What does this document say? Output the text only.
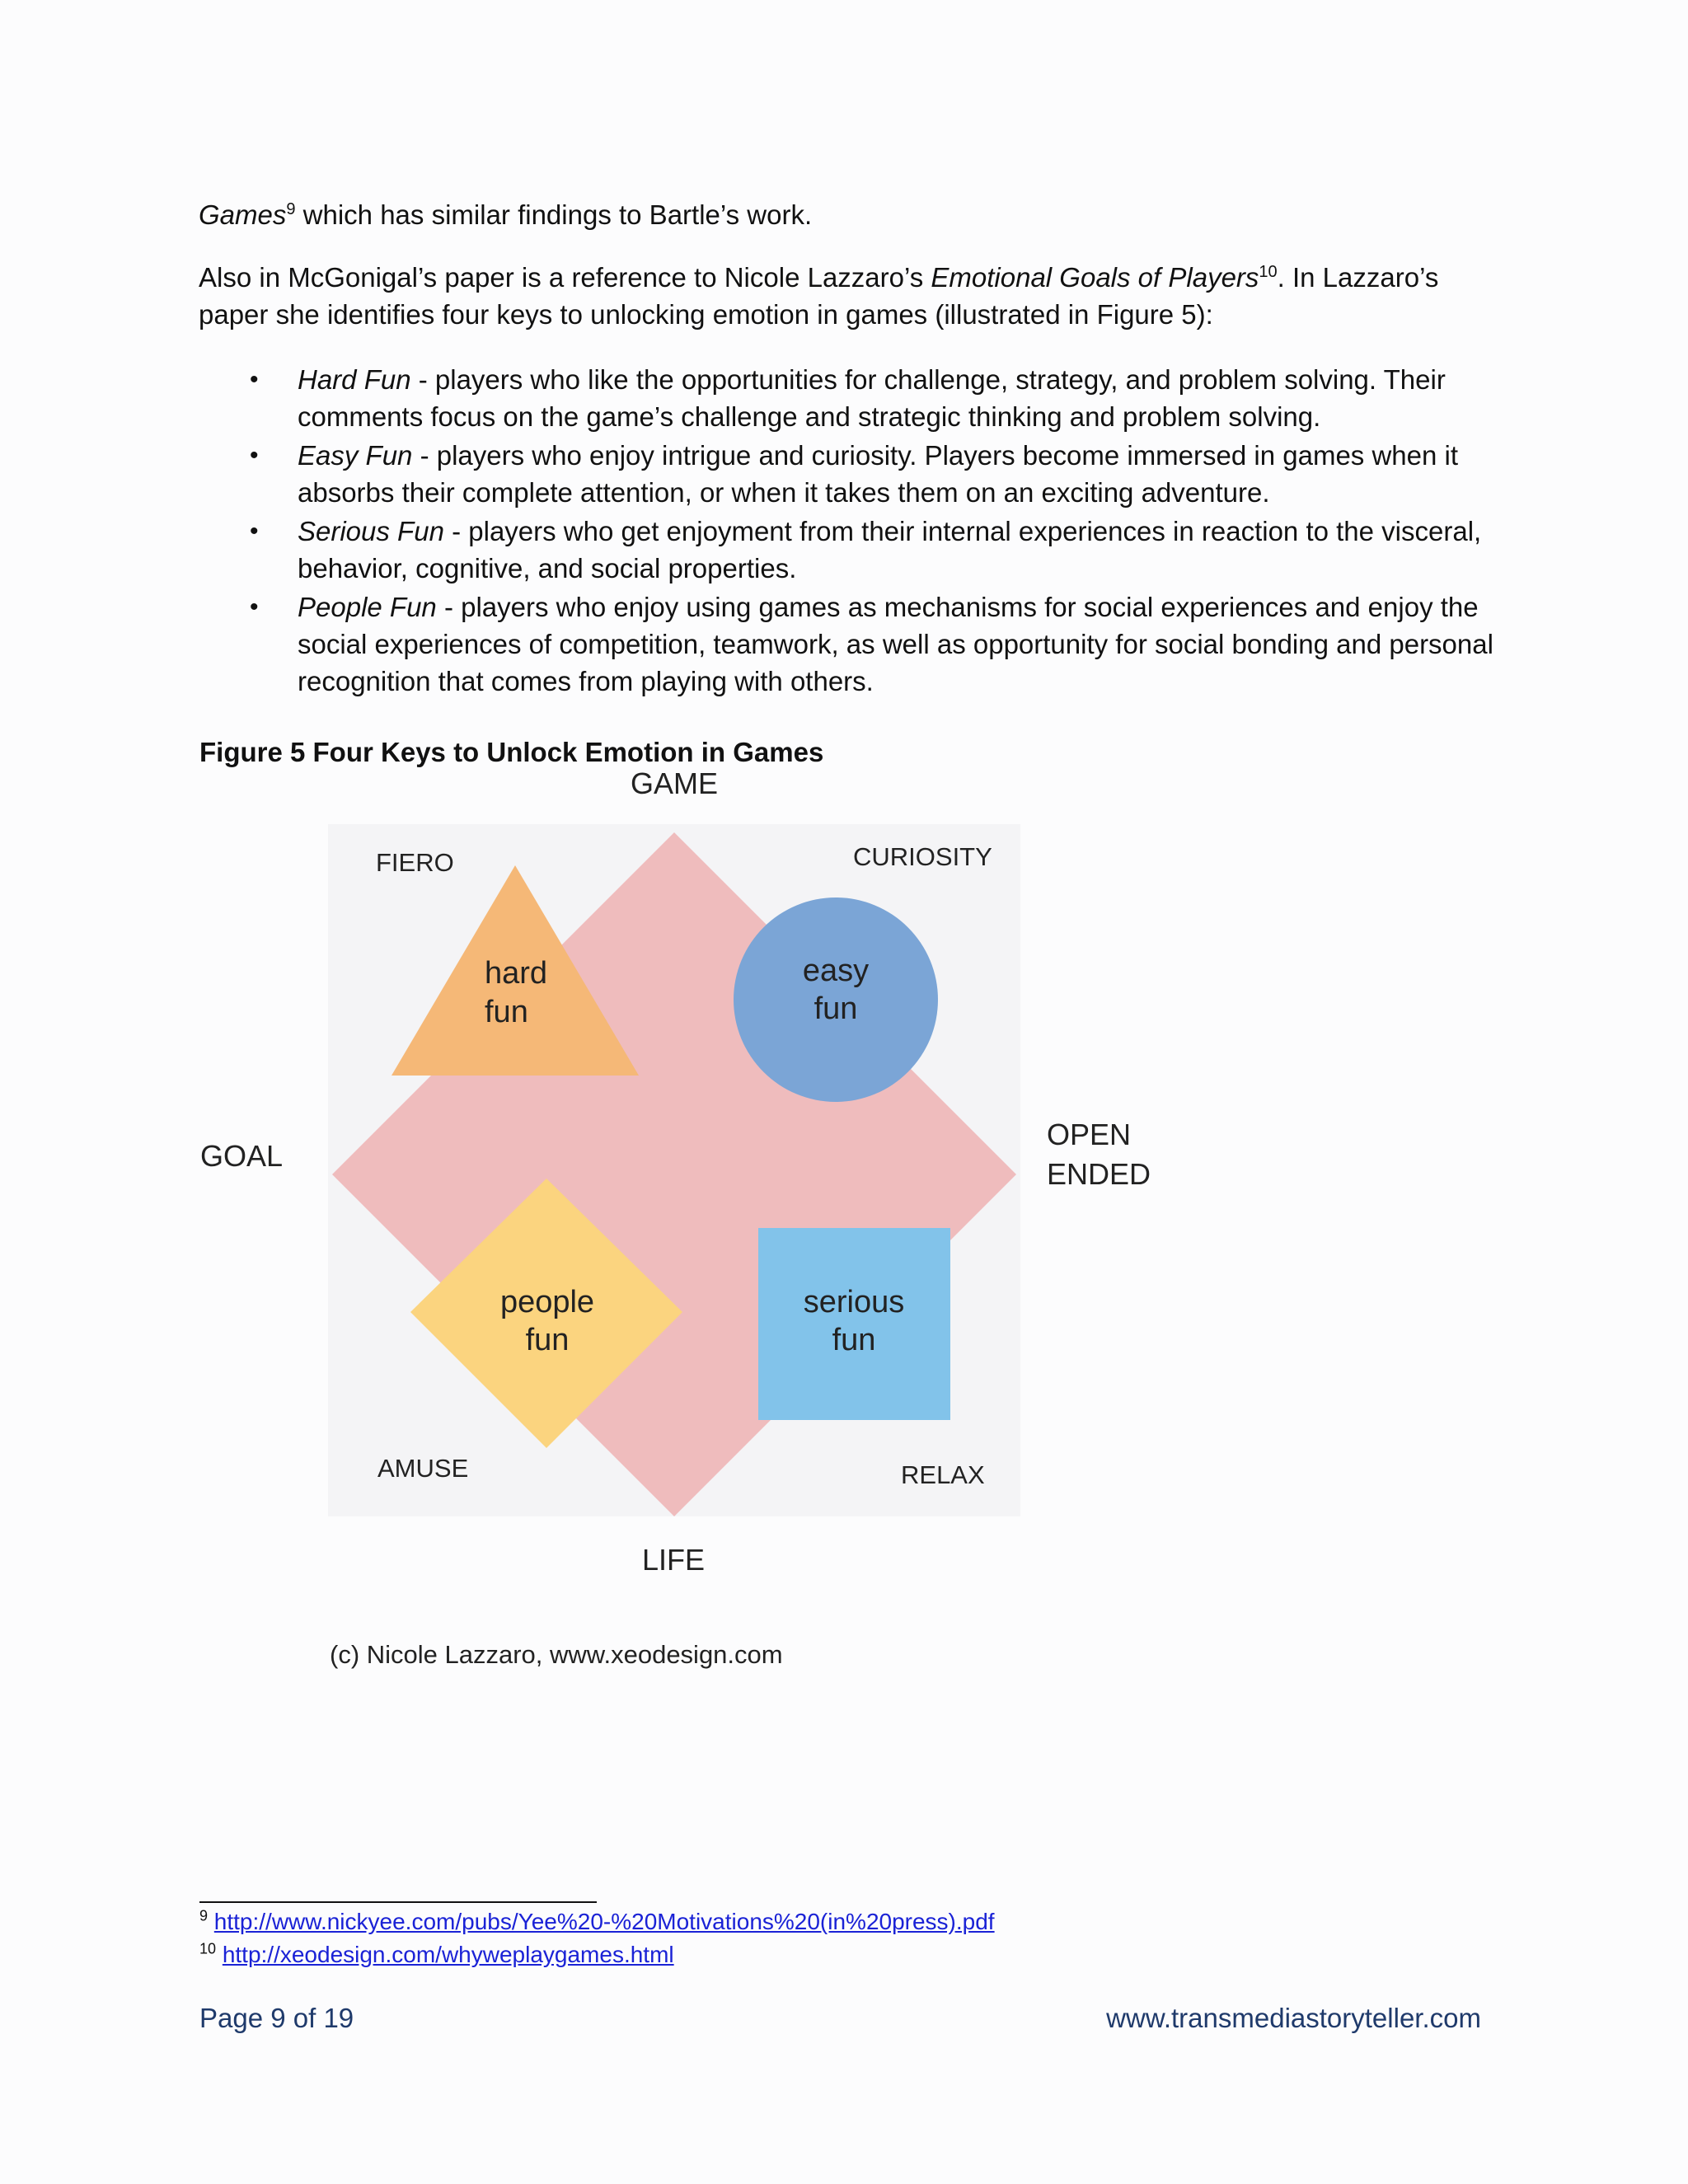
Games$^9$ which has similar findings to Bartle’s work.
Also in McGonigal’s paper is a reference to Nicole Lazzaro’s Emotional Goals of Players$^{10}$. In Lazzaro’s paper she identifies four keys to unlocking emotion in games (illustrated in Figure 5):
• Hard Fun - players who like the opportunities for challenge, strategy, and problem solving. Their comments focus on the game’s challenge and strategic thinking and problem solving.
• Easy Fun - players who enjoy intrigue and curiosity. Players become immersed in games when it absorbs their complete attention, or when it takes them on an exciting adventure.
• Serious Fun - players who get enjoyment from their internal experiences in reaction to the visceral, behavior, cognitive, and social properties.
• People Fun - players who enjoy using games as mechanisms for social experiences and enjoy the social experiences of competition, teamwork, as well as opportunity for social bonding and personal recognition that comes from playing with others.
Figure 5 Four Keys to Unlock Emotion in Games
GAME
LIFE
GOAL
OPEN
ENDED
FIERO	CURIOSITY
AMUSE	RELAX
hard
fun
easy
fun
people
fun
serious
fun
(c) Nicole Lazzaro, www.xeodesign.com
$^9$ http://www.nickyee.com/pubs/Yee%20-%20Motivations%20(in%20press).pdf
$^{10}$ http://xeodesign.com/whyweplaygames.html
Page 9 of 19	www.transmediastoryteller.com
